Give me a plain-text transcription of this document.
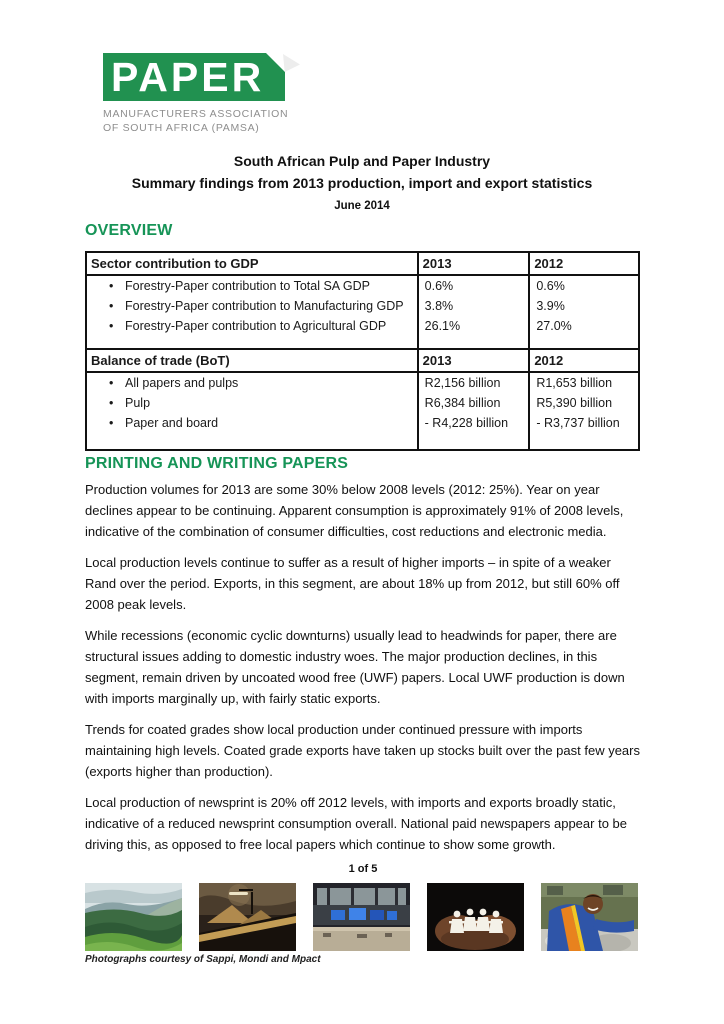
PAPER
MANUFACTURERS ASSOCIATION
OF SOUTH AFRICA (PAMSA)
South African Pulp and Paper Industry
Summary findings from 2013 production, import and export statistics
June 2014
OVERVIEW
Sector contribution to GDP	2013	2012
• Forestry-Paper contribution to Total SA GDP	0.6%	0.6%
• Forestry-Paper contribution to Manufacturing GDP	3.8%	3.9%
• Forestry-Paper contribution to Agricultural GDP	26.1%	27.0%

Balance of trade (BoT)	2013	2012
• All papers and pulps	R2,156 billion	R1,653 billion
• Pulp	R6,384 billion	R5,390 billion
• Paper and board	- R4,228 billion	- R3,737 billion

PRINTING AND WRITING PAPERS

Production volumes for 2013 are some 30% below 2008 levels (2012: 25%). Year on year declines appear to be continuing. Apparent consumption is approximately 91% of 2008 levels, indicative of the combination of consumer difficulties, cost reductions and electronic media.

Local production levels continue to suffer as a result of higher imports – in spite of a weaker Rand over the period. Exports, in this segment, are about 18% up from 2012, but still 60% off 2008 peak levels.

While recessions (economic cyclic downturns) usually lead to headwinds for paper, there are structural issues adding to domestic industry woes. The major production declines, in this segment, remain driven by uncoated wood free (UWF) papers. Local UWF production is down with imports marginally up, with fairly static exports.

Trends for coated grades show local production under continued pressure with imports maintaining high levels. Coated grade exports have taken up stocks built over the past few years (exports higher than production).

Local production of newsprint is 20% off 2012 levels, with imports and exports broadly static, indicative of a reduced newsprint consumption overall. National paid newspapers appear to be driving this, as opposed to free local papers which continue to show some growth.

1 of 5
Photographs courtesy of Sappi, Mondi and Mpact
